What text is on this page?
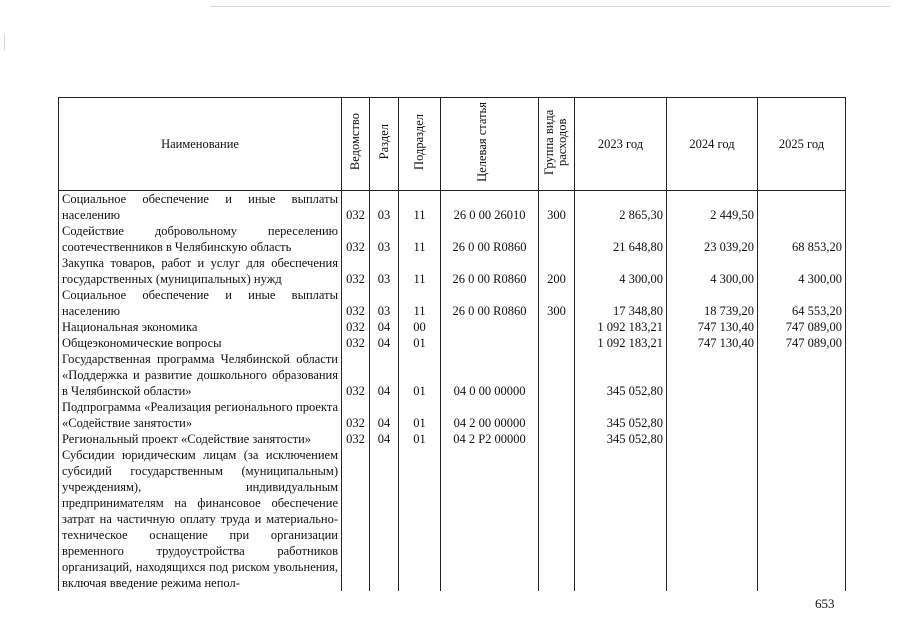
Наименование	Ведомство	Раздел	Подраздел	Целевая статья	Группа вида расходов	2023 год	2024 год	2025 год
Социальное обеспечение и иные выплаты населению	032	03	11	26 0 00 26010	300	2 865,30	2 449,50	
Содействие добровольному переселению соотечественников в Челябинскую область	032	03	11	26 0 00 R0860		21 648,80	23 039,20	68 853,20
Закупка товаров, работ и услуг для обеспечения государственных (муниципальных) нужд	032	03	11	26 0 00 R0860	200	4 300,00	4 300,00	4 300,00
Социальное обеспечение и иные выплаты населению	032	03	11	26 0 00 R0860	300	17 348,80	18 739,20	64 553,20
Национальная экономика	032	04	00			1 092 183,21	747 130,40	747 089,00
Общеэкономические вопросы	032	04	01			1 092 183,21	747 130,40	747 089,00
Государственная программа Челябинской области «Поддержка и развитие дошкольного образования в Челябинской области»	032	04	01	04 0 00 00000		345 052,80		
Подпрограмма «Реализация регионального проекта «Содействие занятости»	032	04	01	04 2 00 00000		345 052,80		
Региональный проект «Содействие занятости»	032	04	01	04 2 P2 00000		345 052,80		
Субсидии юридическим лицам (за исключением субсидий государственным (муниципальным) учреждениям), индивидуальным предпринимателям на финансовое обеспечение затрат на частичную оплату труда и материально-техническое оснащение при организации временного трудоустройства работников организаций, находящихся под риском увольнения, включая введение режима непол-								
653
